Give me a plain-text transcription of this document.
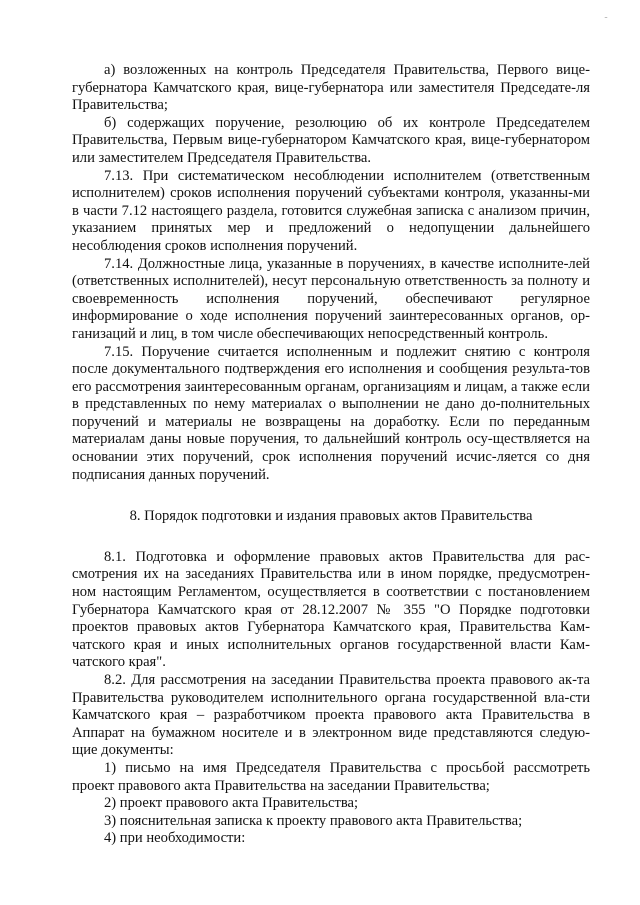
˜

а) возложенных на контроль Председателя Правительства, Первого вице-губернатора Камчатского края, вице-губернатора или заместителя Председате-ля Правительства;

б) содержащих поручение, резолюцию об их контроле Председателем Правительства, Первым вице-губернатором Камчатского края, вице-губернатором или заместителем Председателя Правительства.

7.13. При систематическом несоблюдении исполнителем (ответственным исполнителем) сроков исполнения поручений субъектами контроля, указанны-ми в части 7.12 настоящего раздела, готовится служебная записка с анализом причин, указанием принятых мер и предложений о недопущении дальнейшего несоблюдения сроков исполнения поручений.

7.14. Должностные лица, указанные в поручениях, в качестве исполните-лей (ответственных исполнителей), несут персональную ответственность за полноту и своевременность исполнения поручений, обеспечивают регулярное информирование о ходе исполнения поручений заинтересованных органов, ор-ганизаций и лиц, в том числе обеспечивающих непосредственный контроль.

7.15. Поручение считается исполненным и подлежит снятию с контроля после документального подтверждения его исполнения и сообщения результа-тов его рассмотрения заинтересованным органам, организациям и лицам, а также если в представленных по нему материалах о выполнении не дано до-полнительных поручений и материалы не возвращены на доработку. Если по переданным материалам даны новые поручения, то дальнейший контроль осу-ществляется на основании этих поручений, срок исполнения поручений исчис-ляется со дня подписания данных поручений.

8. Порядок подготовки и издания правовых актов Правительства

8.1. Подготовка и оформление правовых актов Правительства для рас-смотрения их на заседаниях Правительства или в ином порядке, предусмотрен-ном настоящим Регламентом, осуществляется в соответствии с постановлением Губернатора Камчатского края от 28.12.2007 № 355 "О Порядке подготовки проектов правовых актов Губернатора Камчатского края, Правительства Кам-чатского края и иных исполнительных органов государственной власти Кам-чатского края".

8.2. Для рассмотрения на заседании Правительства проекта правового ак-та Правительства руководителем исполнительного органа государственной вла-сти Камчатского края – разработчиком проекта правового акта Правительства в Аппарат на бумажном носителе и в электронном виде представляются следую-щие документы:

1) письмо на имя Председателя Правительства с просьбой рассмотреть проект правового акта Правительства на заседании Правительства;

2) проект правового акта Правительства;

3) пояснительная записка к проекту правового акта Правительства;

4) при необходимости:
